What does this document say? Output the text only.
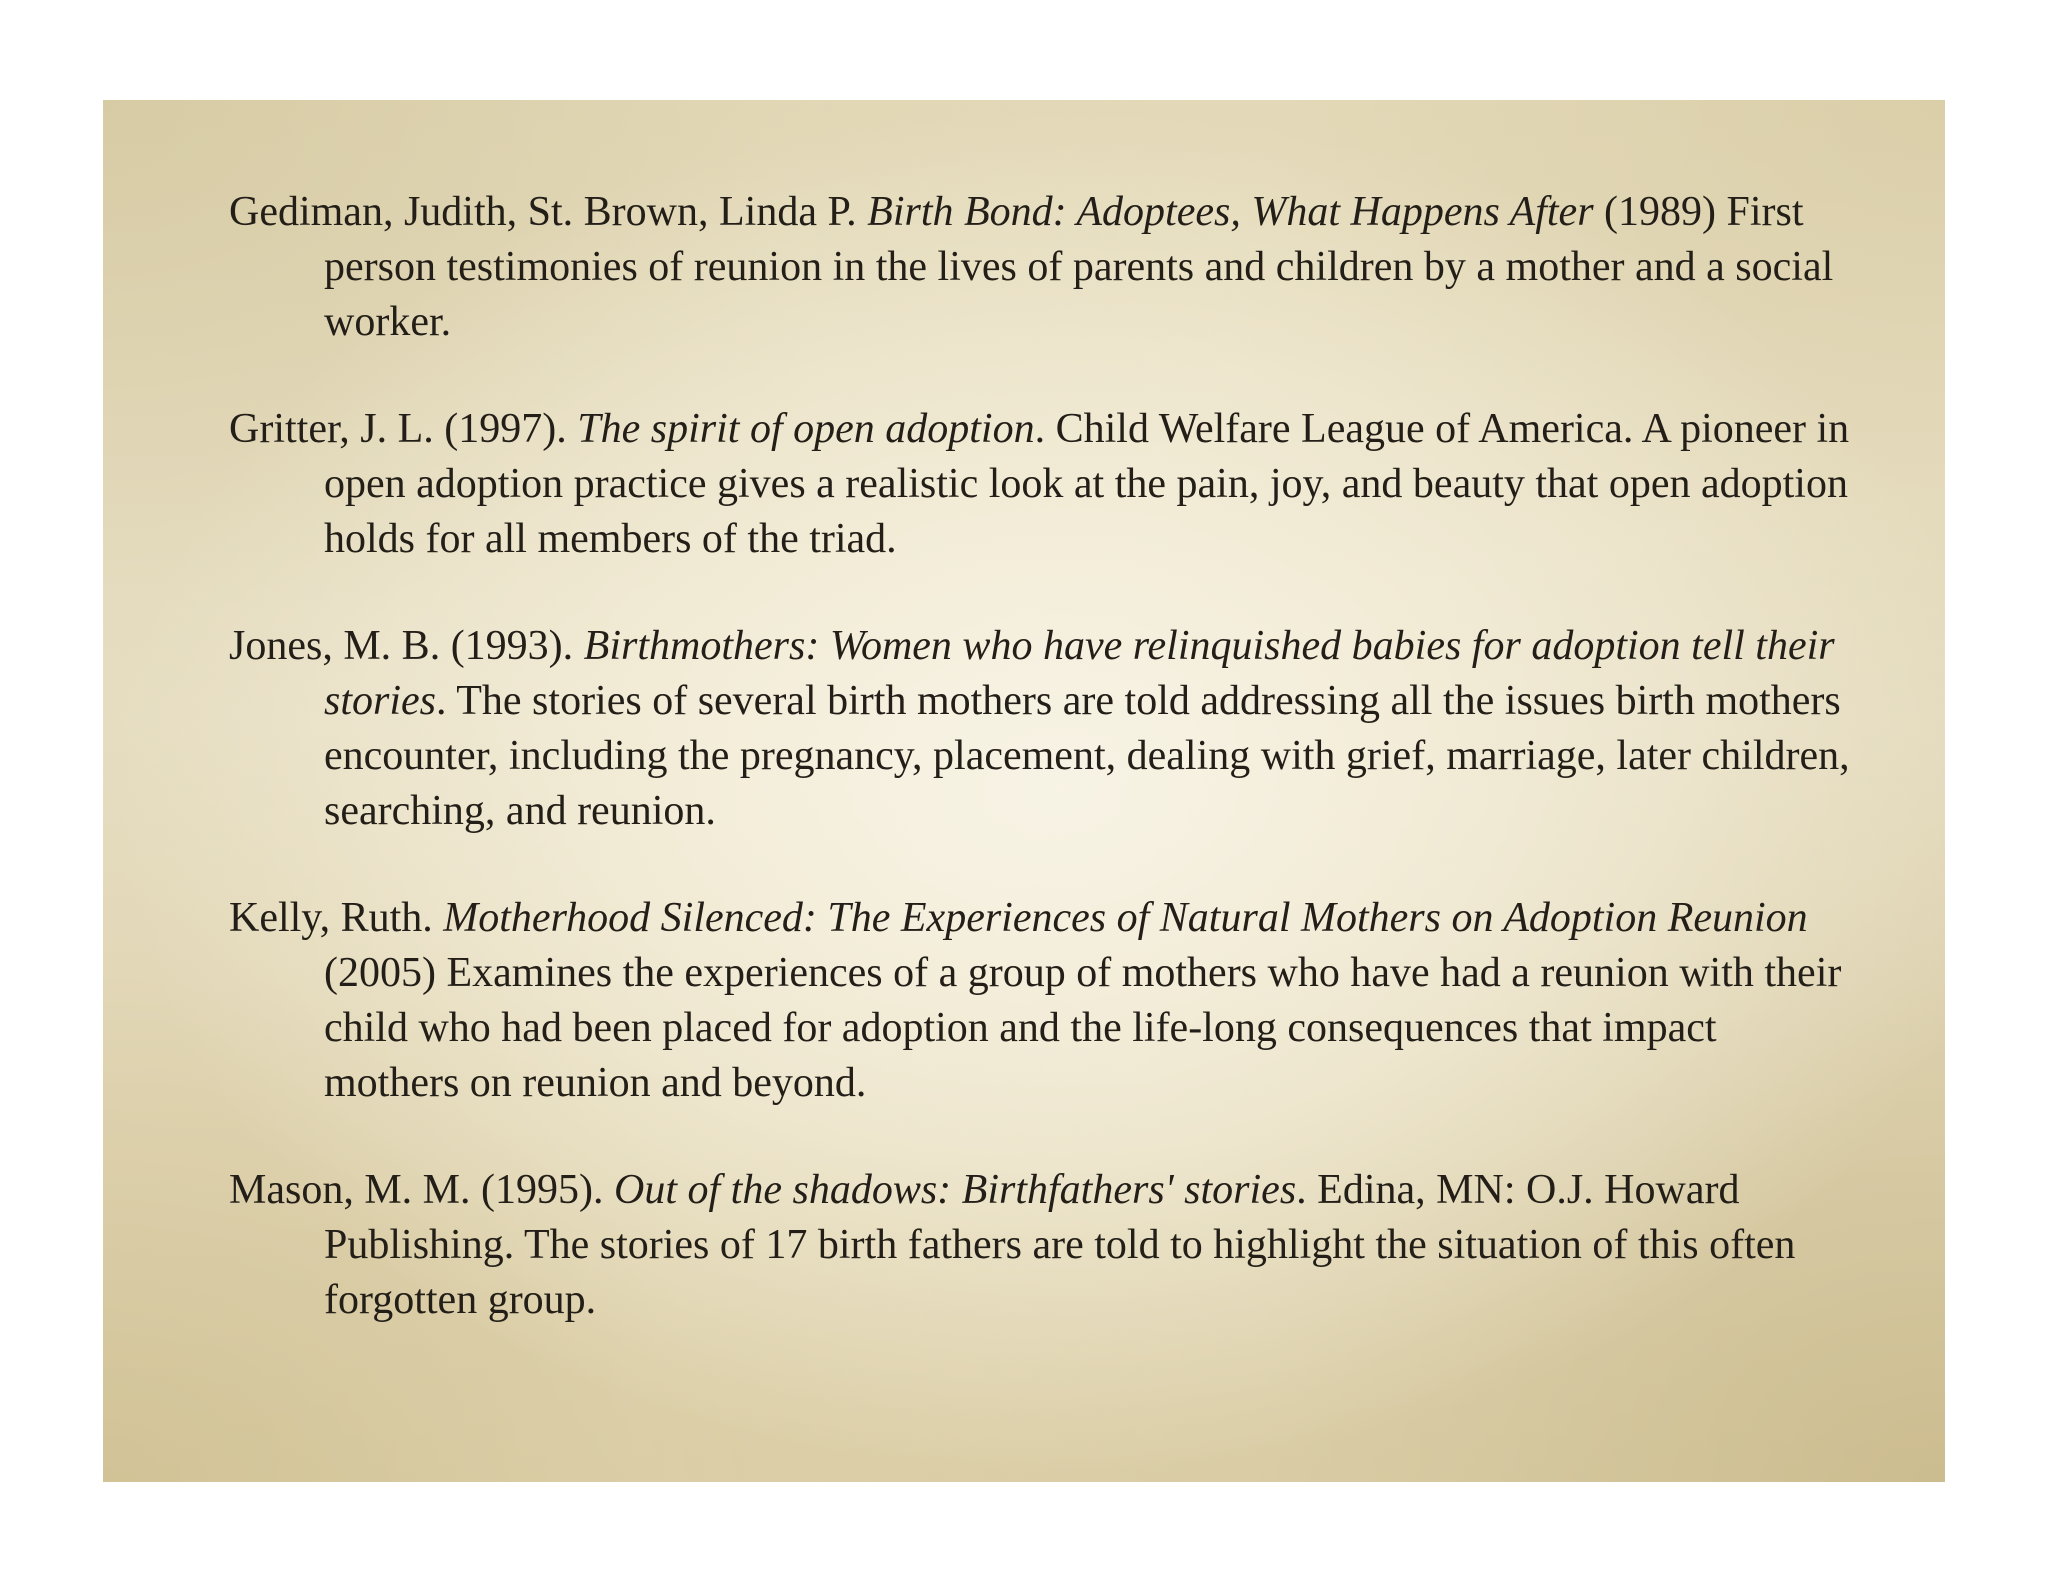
Gediman, Judith, St. Brown, Linda P. Birth Bond: Adoptees, What Happens After (1989) First person testimonies of reunion in the lives of parents and children by a mother and a social worker.

Gritter, J. L. (1997). The spirit of open adoption. Child Welfare League of America. A pioneer in open adoption practice gives a realistic look at the pain, joy, and beauty that open adoption holds for all members of the triad.

Jones, M. B. (1993). Birthmothers: Women who have relinquished babies for adoption tell their stories. The stories of several birth mothers are told addressing all the issues birth mothers encounter, including the pregnancy, placement, dealing with grief, marriage, later children, searching, and reunion.

Kelly, Ruth. Motherhood Silenced: The Experiences of Natural Mothers on Adoption Reunion (2005) Examines the experiences of a group of mothers who have had a reunion with their child who had been placed for adoption and the life-long consequences that impact mothers on reunion and beyond.

Mason, M. M. (1995). Out of the shadows: Birthfathers' stories. Edina, MN: O.J. Howard Publishing. The stories of 17 birth fathers are told to highlight the situation of this often forgotten group.
